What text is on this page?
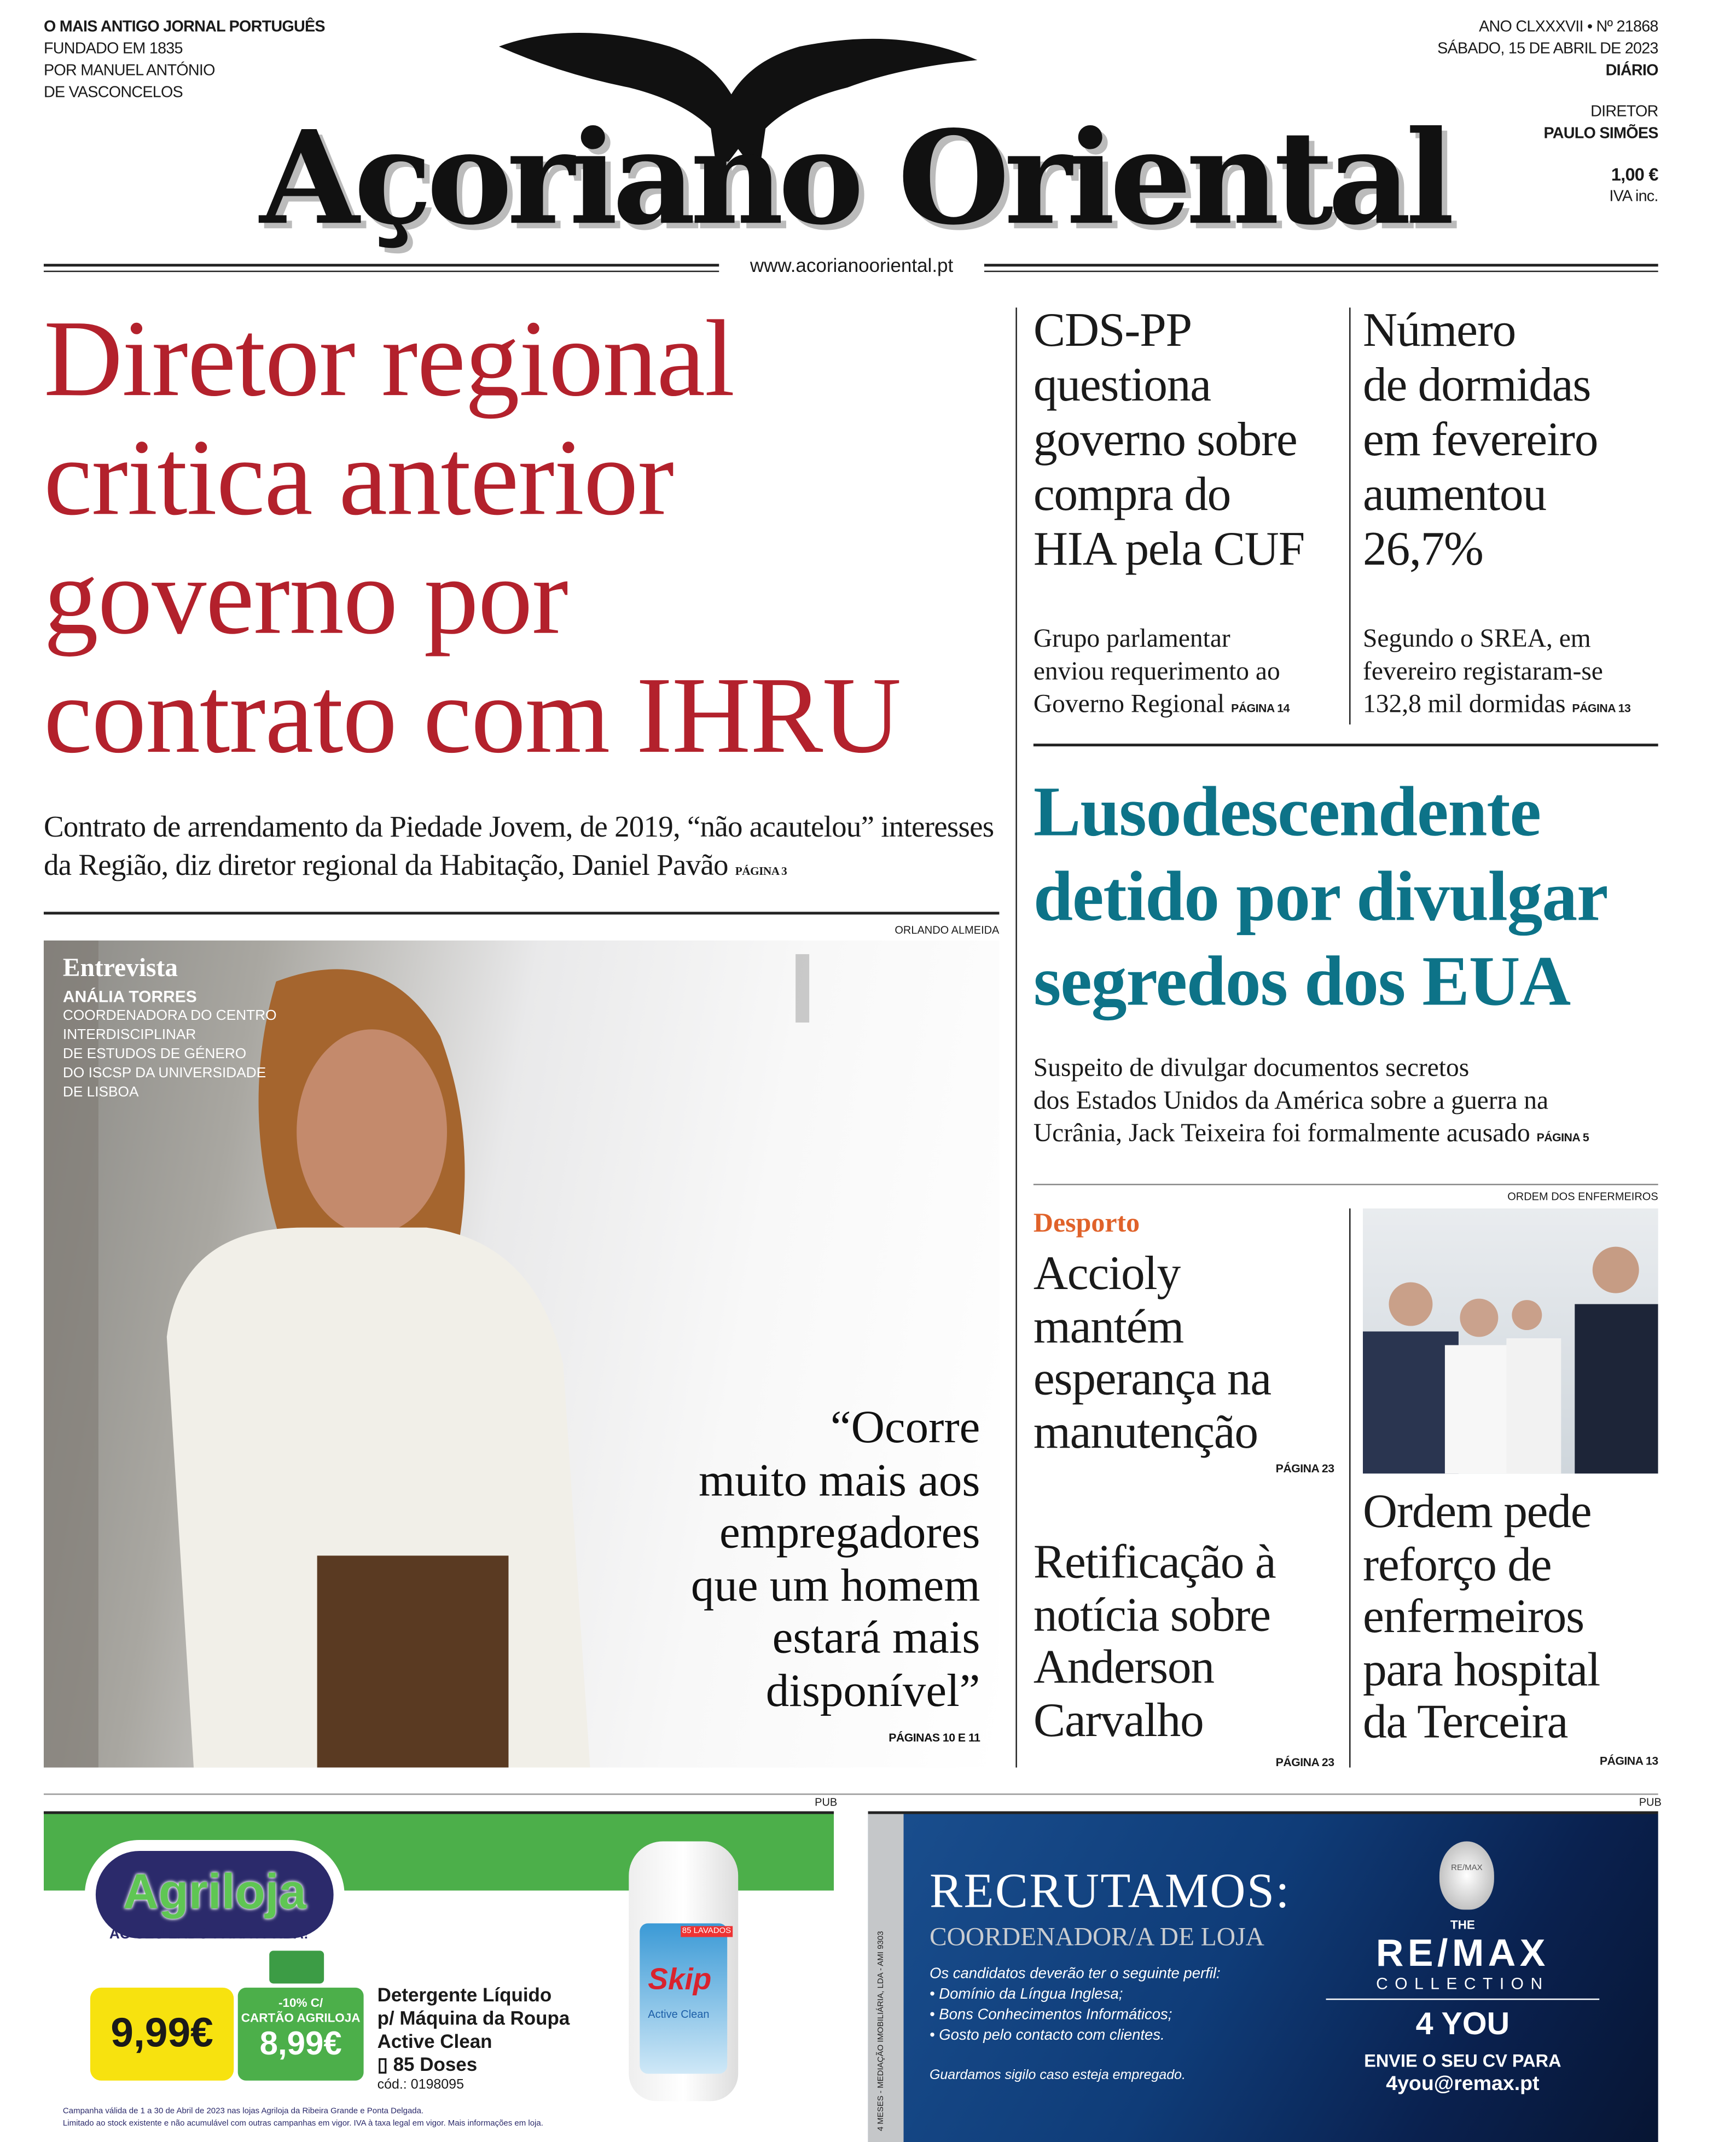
O MAIS ANTIGO JORNAL PORTUGUÊS
FUNDADO EM 1835
POR MANUEL ANTÓNIO
DE VASCONCELOS
Açoriano Oriental
ANO CLXXXVII • Nº 21868
SÁBADO, 15 DE ABRIL DE 2023
DIÁRIO
DIRETOR
PAULO SIMÕES
1,00 €
IVA inc.
www.acorianooriental.pt
Diretor regional
critica anterior
governo por
contrato com IHRU
Contrato de arrendamento da Piedade Jovem, de 2019, “não acautelou” interesses da Região, diz diretor regional da Habitação, Daniel Pavão PÁGINA 3
ORLANDO ALMEIDA
Entrevista
ANÁLIA TORRES
COORDENADORA DO CENTRO
INTERDISCIPLINAR
DE ESTUDOS DE GÉNERO
DO ISCSP DA UNIVERSIDADE
DE LISBOA
“Ocorre
muito mais aos
empregadores
que um homem
estará mais
disponível”
PÁGINAS 10 E 11
CDS-PP
questiona
governo sobre
compra do
HIA pela CUF
Grupo parlamentar
enviou requerimento ao
Governo Regional PÁGINA 14
Número
de dormidas
em fevereiro
aumentou
26,7%
Segundo o SREA, em
fevereiro registaram-se
132,8 mil dormidas PÁGINA 13
Lusodescendente
detido por divulgar
segredos dos EUA
Suspeito de divulgar documentos secretos
dos Estados Unidos da América sobre a guerra na
Ucrânia, Jack Teixeira foi formalmente acusado PÁGINA 5
ORDEM DOS ENFERMEIROS
Desporto
Accioly
mantém
esperança na
manutenção
PÁGINA 23
Retificação à
notícia sobre
Anderson
Carvalho
PÁGINA 23
Ordem pede
reforço de
enfermeiros
para hospital
da Terceira
PÁGINA 13
PUB	PUB
Agriloja
AO SEU LADO PARA A VIDA!
9,99€
-10% C/
CARTÃO AGRILOJA
8,99€
Detergente Líquido
p/ Máquina da Roupa
Active Clean
▯ 85 Doses
cód.: 0198095
Campanha válida de 1 a 30 de Abril de 2023 nas lojas Agriloja da Ribeira Grande e Ponta Delgada.
Limitado ao stock existente e não acumulável com outras campanhas em vigor. IVA à taxa legal em vigor. Mais informações em loja.
85 LAVADOS
Skip
Active Clean	4 MESES - MEDIAÇÃO IMOBILIÁRIA, LDA - AMI 9303
RECRUTAMOS:
COORDENADOR/A DE LOJA
Os candidatos deverão ter o seguinte perfil:
• Domínio da Língua Inglesa;
• Bons Conhecimentos Informáticos;
• Gosto pelo contacto com clientes.
Guardamos sigilo caso esteja empregado.
RE/MAX
THE
RE/MAX
COLLECTION
4 YOU
ENVIE O SEU CV PARA
4you@remax.pt
